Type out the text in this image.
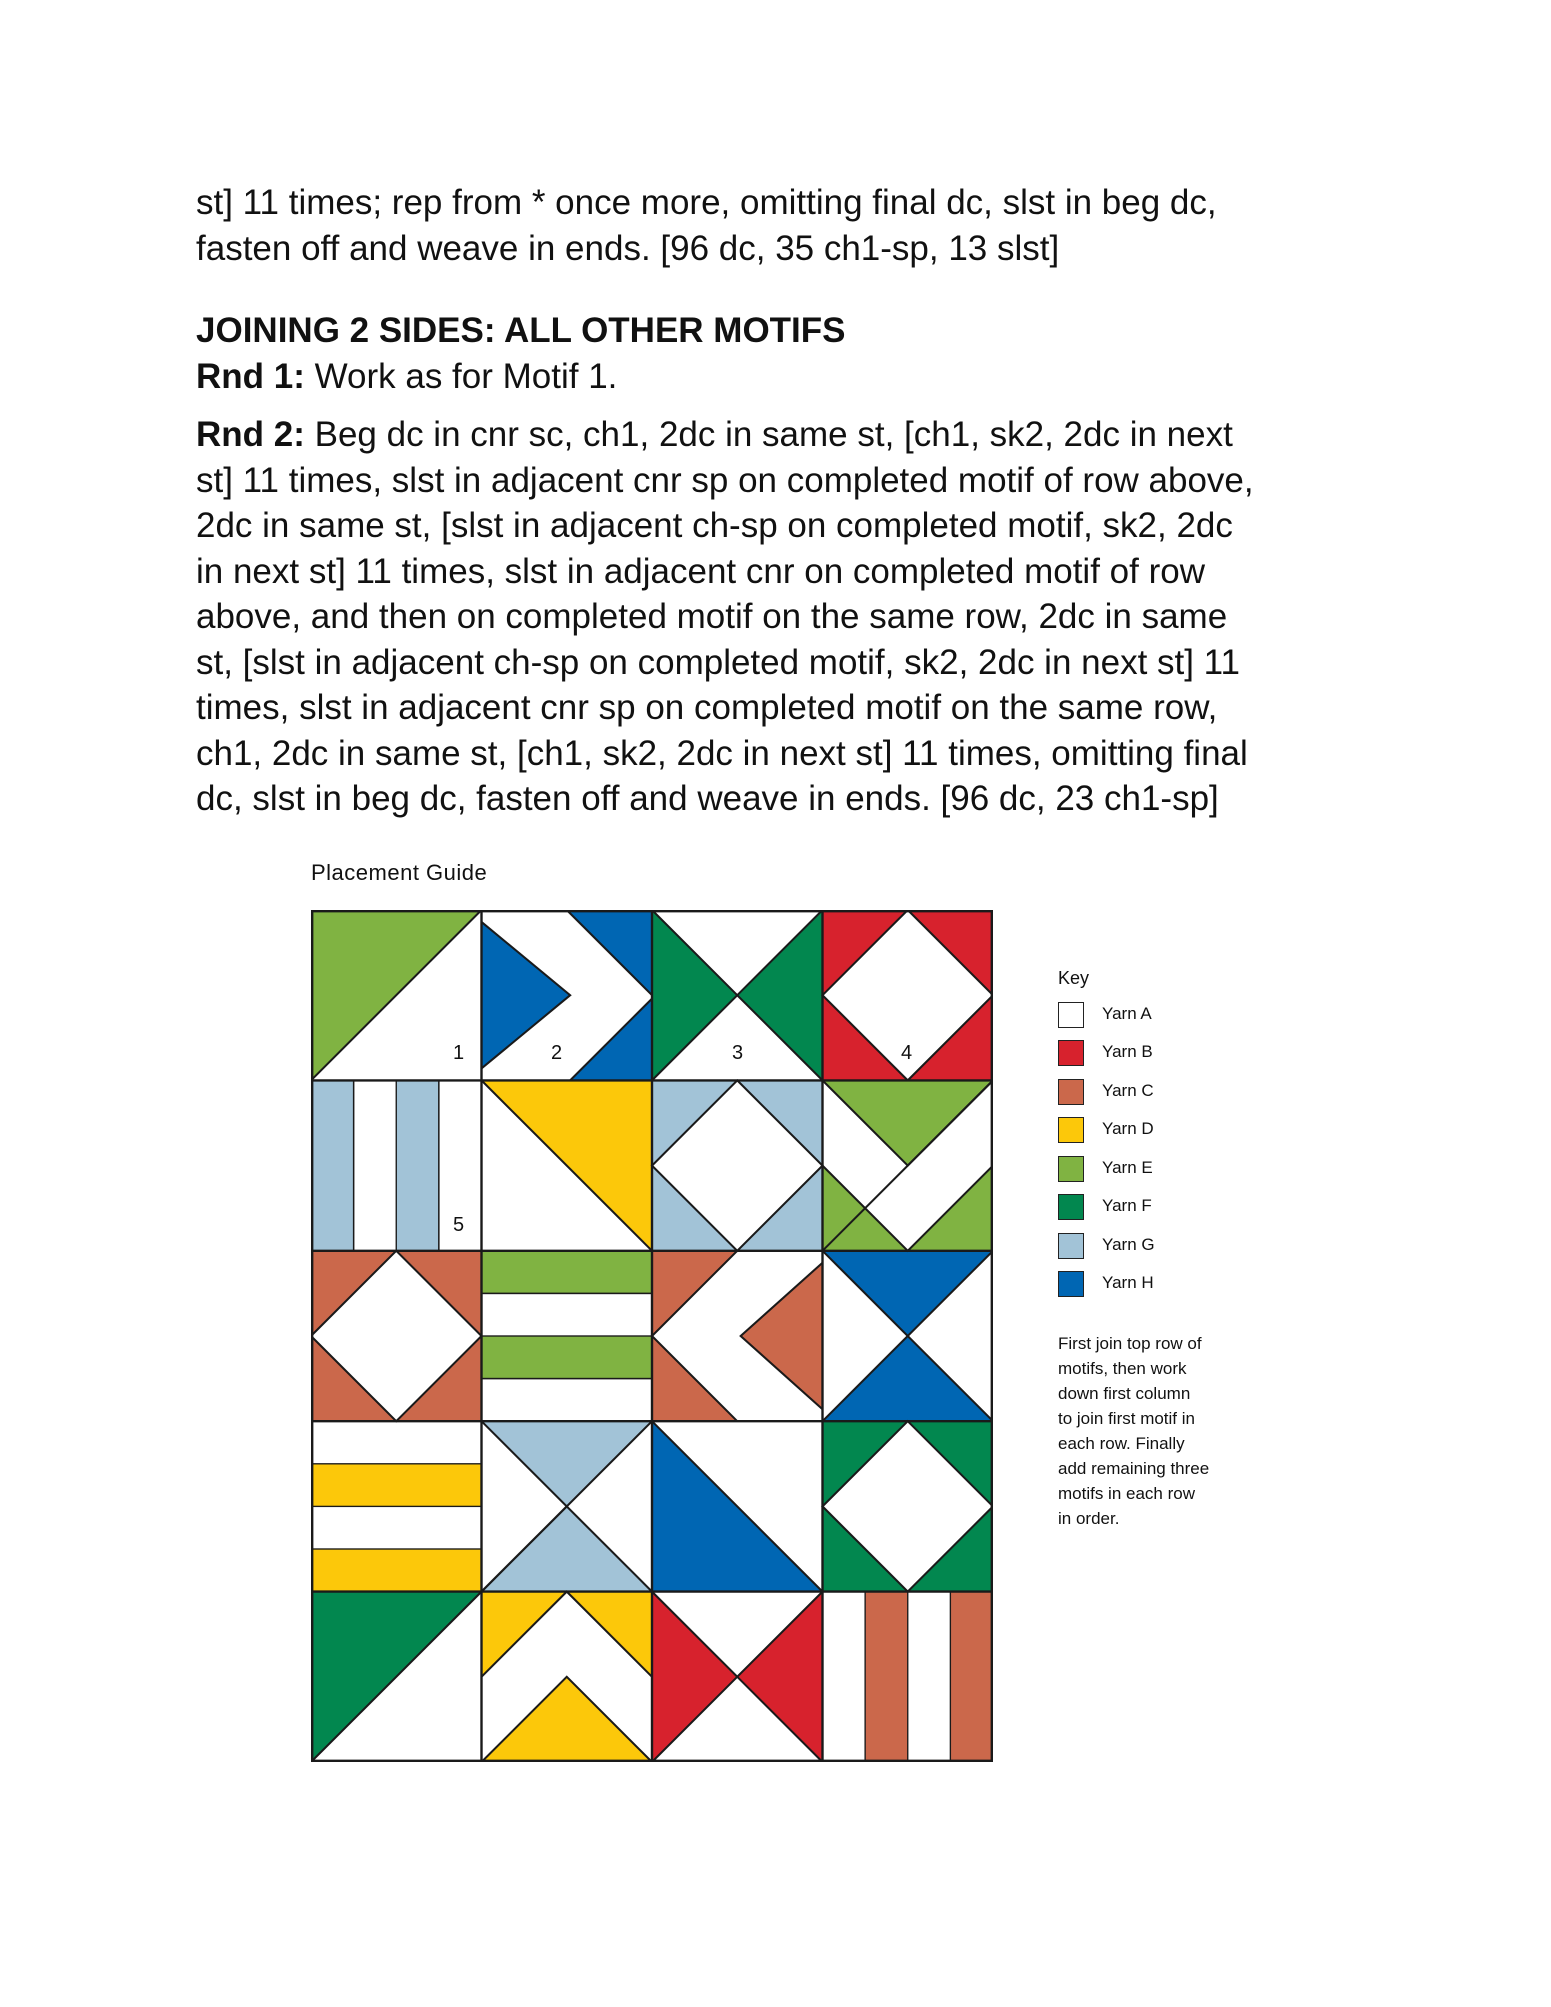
st] 11 times; rep from * once more, omitting final dc, slst in beg dc,
fasten off and weave in ends. [96 dc, 35 ch1-sp, 13 slst]

JOINING 2 SIDES: ALL OTHER MOTIFS

Rnd 1: Work as for Motif 1.

Rnd 2: Beg dc in cnr sc, ch1, 2dc in same st, [ch1, sk2, 2dc in next
st] 11 times, slst in adjacent cnr sp on completed motif of row above,
2dc in same st, [slst in adjacent ch-sp on completed motif, sk2, 2dc
in next st] 11 times, slst in adjacent cnr on completed motif of row
above, and then on completed motif on the same row, 2dc in same
st, [slst in adjacent ch-sp on completed motif, sk2, 2dc in next st] 11
times, slst in adjacent cnr sp on completed motif on the same row,
ch1, 2dc in same st, [ch1, sk2, 2dc in next st] 11 times, omitting final
dc, slst in beg dc, fasten off and weave in ends. [96 dc, 23 ch1-sp]

Placement Guide
1	2	3	4
5
Key
Yarn A
Yarn B
Yarn C
Yarn D
Yarn E
Yarn F
Yarn G
Yarn H

First join top row of
motifs, then work
down first column
to join first motif in
each row. Finally
add remaining three
motifs in each row
in order.
